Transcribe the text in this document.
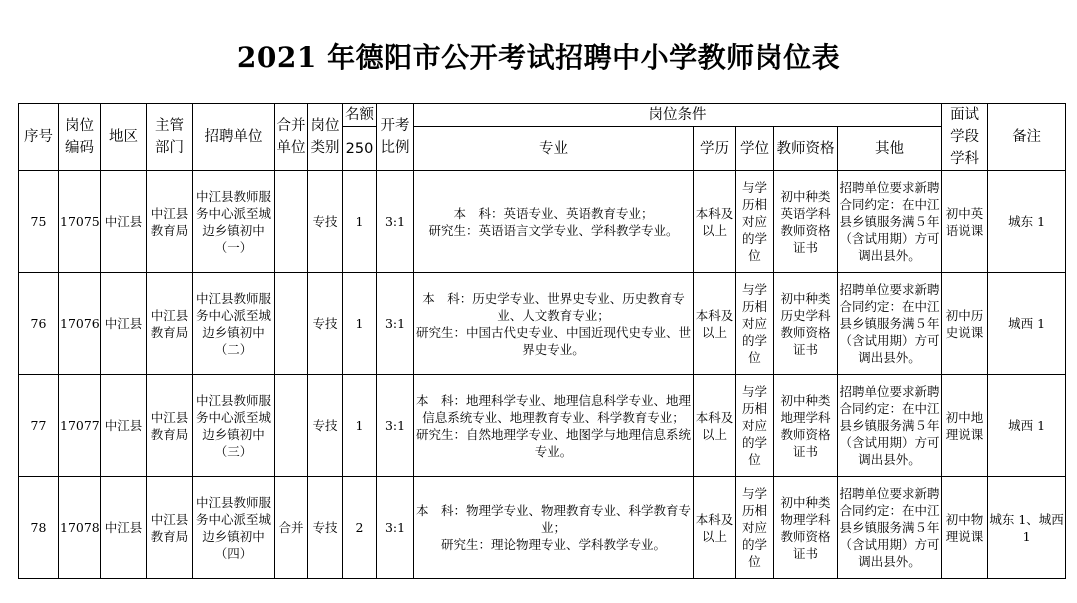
2021 年德阳市公开考试招聘中小学教师岗位表
序号	岗位编码	地区	主管部门	招聘单位	合并单位	岗位类别	名额	开考比例	岗位条件					面试学段学科	备注
							250		专业	学历	学位	教师资格	其他		

75	17075	中江县	中江县教育局	中江县教师服务中心派至城边乡镇初中（一）		专技	1	3:1	本　科：英语专业、英语教育专业；
研究生：英语语言文学专业、学科教学专业。	本科及以上	与学历相对应的学位	初中种类英语学科教师资格证书	招聘单位要求新聘合同约定：在中江县乡镇服务满５年（含试用期）方可调出县外。	初中英语说课	城东 1

76	17076	中江县	中江县教育局	中江县教师服务中心派至城边乡镇初中（二）		专技	1	3:1	本　科：历史学专业、世界史专业、历史教育专业、人文教育专业；
研究生：中国古代史专业、中国近现代史专业、世界史专业。	本科及以上	与学历相对应的学位	初中种类历史学科教师资格证书	招聘单位要求新聘合同约定：在中江县乡镇服务满５年（含试用期）方可调出县外。	初中历史说课	城西 1

77	17077	中江县	中江县教育局	中江县教师服务中心派至城边乡镇初中（三）		专技	1	3:1	本　科：地理科学专业、地理信息科学专业、地理信息系统专业、地理教育专业、科学教育专业；
研究生：自然地理学专业、地图学与地理信息系统专业。	本科及以上	与学历相对应的学位	初中种类地理学科教师资格证书	招聘单位要求新聘合同约定：在中江县乡镇服务满５年（含试用期）方可调出县外。	初中地理说课	城西 1

78	17078	中江县	中江县教育局	中江县教师服务中心派至城边乡镇初中（四）	合并	专技	2	3:1	本　科：物理学专业、物理教育专业、科学教育专业；
研究生：理论物理专业、学科教学专业。	本科及以上	与学历相对应的学位	初中种类物理学科教师资格证书	招聘单位要求新聘合同约定：在中江县乡镇服务满５年（含试用期）方可调出县外。	初中物理说课	城东 1、城西 1
